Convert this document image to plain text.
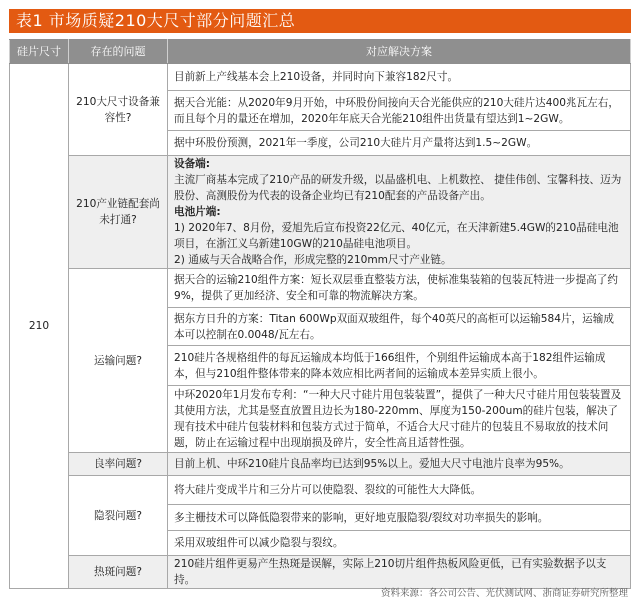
表1 市场质疑210大尺寸部分问题汇总
硅片尺寸	存在的问题	对应解决方案
210	210大尺寸设备兼容性?	目前新上产线基本会上210设备，并同时向下兼容182尺寸。
		据天合光能：从2020年9月开始，中环股份间接向天合光能供应的210大硅片达400兆瓦左右，而且每个月的量还在增加，2020年年底天合光能210组件出货量有望达到1~2GW。
		据中环股份预测，2021年一季度，公司210大硅片月产量将达到1.5~2GW。
	210产业链配套尚未打通?	设备端:
主流厂商基本完成了210产品的研发升级，以晶盛机电、上机数控、 捷佳伟创、宝馨科技、迈为股份、高测股份为代表的设备企业均已有210配套的产品设备产出。
电池片端:
1) 2020年7、8月份，爱旭先后宣布投资22亿元、40亿元，在天津新建5.4GW的210晶硅电池项目，在浙江义乌新建10GW的210晶硅电池项目。
2) 通威与天合战略合作，形成完整的210mm尺寸产业链。

	运输问题?	据天合的运输210组件方案：短长双层垂直整装方法，使标准集装箱的包装瓦特进一步提高了约9%，提供了更加经济、安全和可靠的物流解决方案。
		据东方日升的方案：Titan 600Wp双面双玻组件，每个40英尺的高柜可以运输584片，运输成本可以控制在0.0048/瓦左右。
		210硅片各规格组件的每瓦运输成本均低于166组件，个别组件运输成本高于182组件运输成本，但与210组件整体带来的降本效应相比两者间的运输成本差异实质上很小。
		中环2020年1月发布专利：“一种大尺寸硅片用包装装置”，提供了一种大尺寸硅片用包装装置及其使用方法，尤其是竖直放置且边长为180-220mm、厚度为150-200um的硅片包装，解决了现有技术中硅片包装材料和包装方式过于简单，不适合大尺寸硅片的包装且不易取放的技术问题，防止在运输过程中出现崩损及碎片，安全性高且适替性强。
	良率问题?	目前上机、中环210硅片良品率均已达到95%以上。爱旭大尺寸电池片良率为95%。
	隐裂问题?	将大硅片变成半片和三分片可以使隐裂、裂纹的可能性大大降低。
		多主栅技术可以降低隐裂带来的影响，更好地克服隐裂/裂纹对功率损失的影响。
		采用双玻组件可以减少隐裂与裂纹。
	热斑问题?	210硅片组件更易产生热斑是误解，实际上210切片组件热板风险更低，已有实验数据予以支持。
资料来源：各公司公告、光伏测试网、浙商证券研究所整理
